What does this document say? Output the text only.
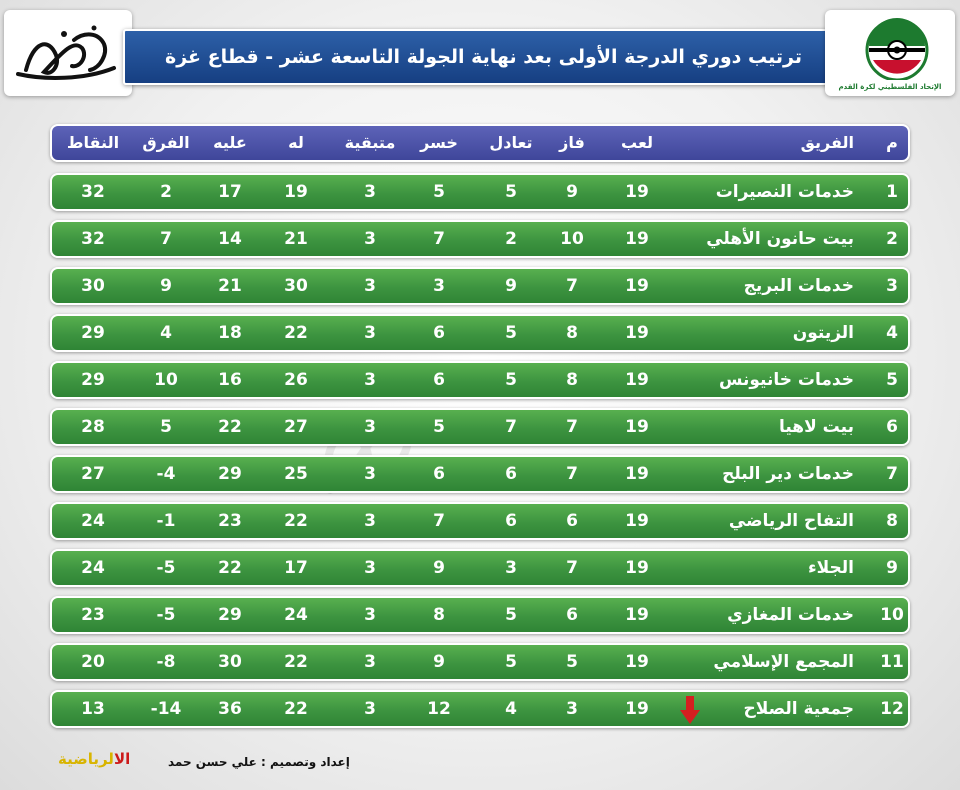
ترتيب دوري الدرجة الأولى بعد نهاية الجولة التاسعة عشر - قطاع غزة
الإتحاد الفلسطيني لكرة القدم
م
الفريق
لعب
فاز
تعادل
خسر
متبقية
له
عليه
الفرق
النقاط
1
خدمات النصيرات
19
9
5
5
3
19
17
2
32
2
بيت حانون الأهلي
19
10
2
7
3
21
14
7
32
3
خدمات البريج
19
7
9
3
3
30
21
9
30
4
الزيتون
19
8
5
6
3
22
18
4
29
5
خدمات خانيونس
19
8
5
6
3
26
16
10
29
6
بيت لاهيا
19
7
7
5
3
27
22
5
28
7
خدمات دير البلح
19
7
6
6
3
25
29
-4
27
8
التفاح الرياضي
19
6
6
7
3
22
23
-1
24
9
الجلاء
19
7
3
9
3
17
22
-5
24
10
خدمات المغازي
19
6
5
8
3
24
29
-5
23
11
المجمع الإسلامي
19
5
5
9
3
22
30
-8
20
12
جمعية الصلاح
19
3
4
12
3
22
36
-14
13
إعداد وتصميم : علي حسن حمد
الالرياضية
